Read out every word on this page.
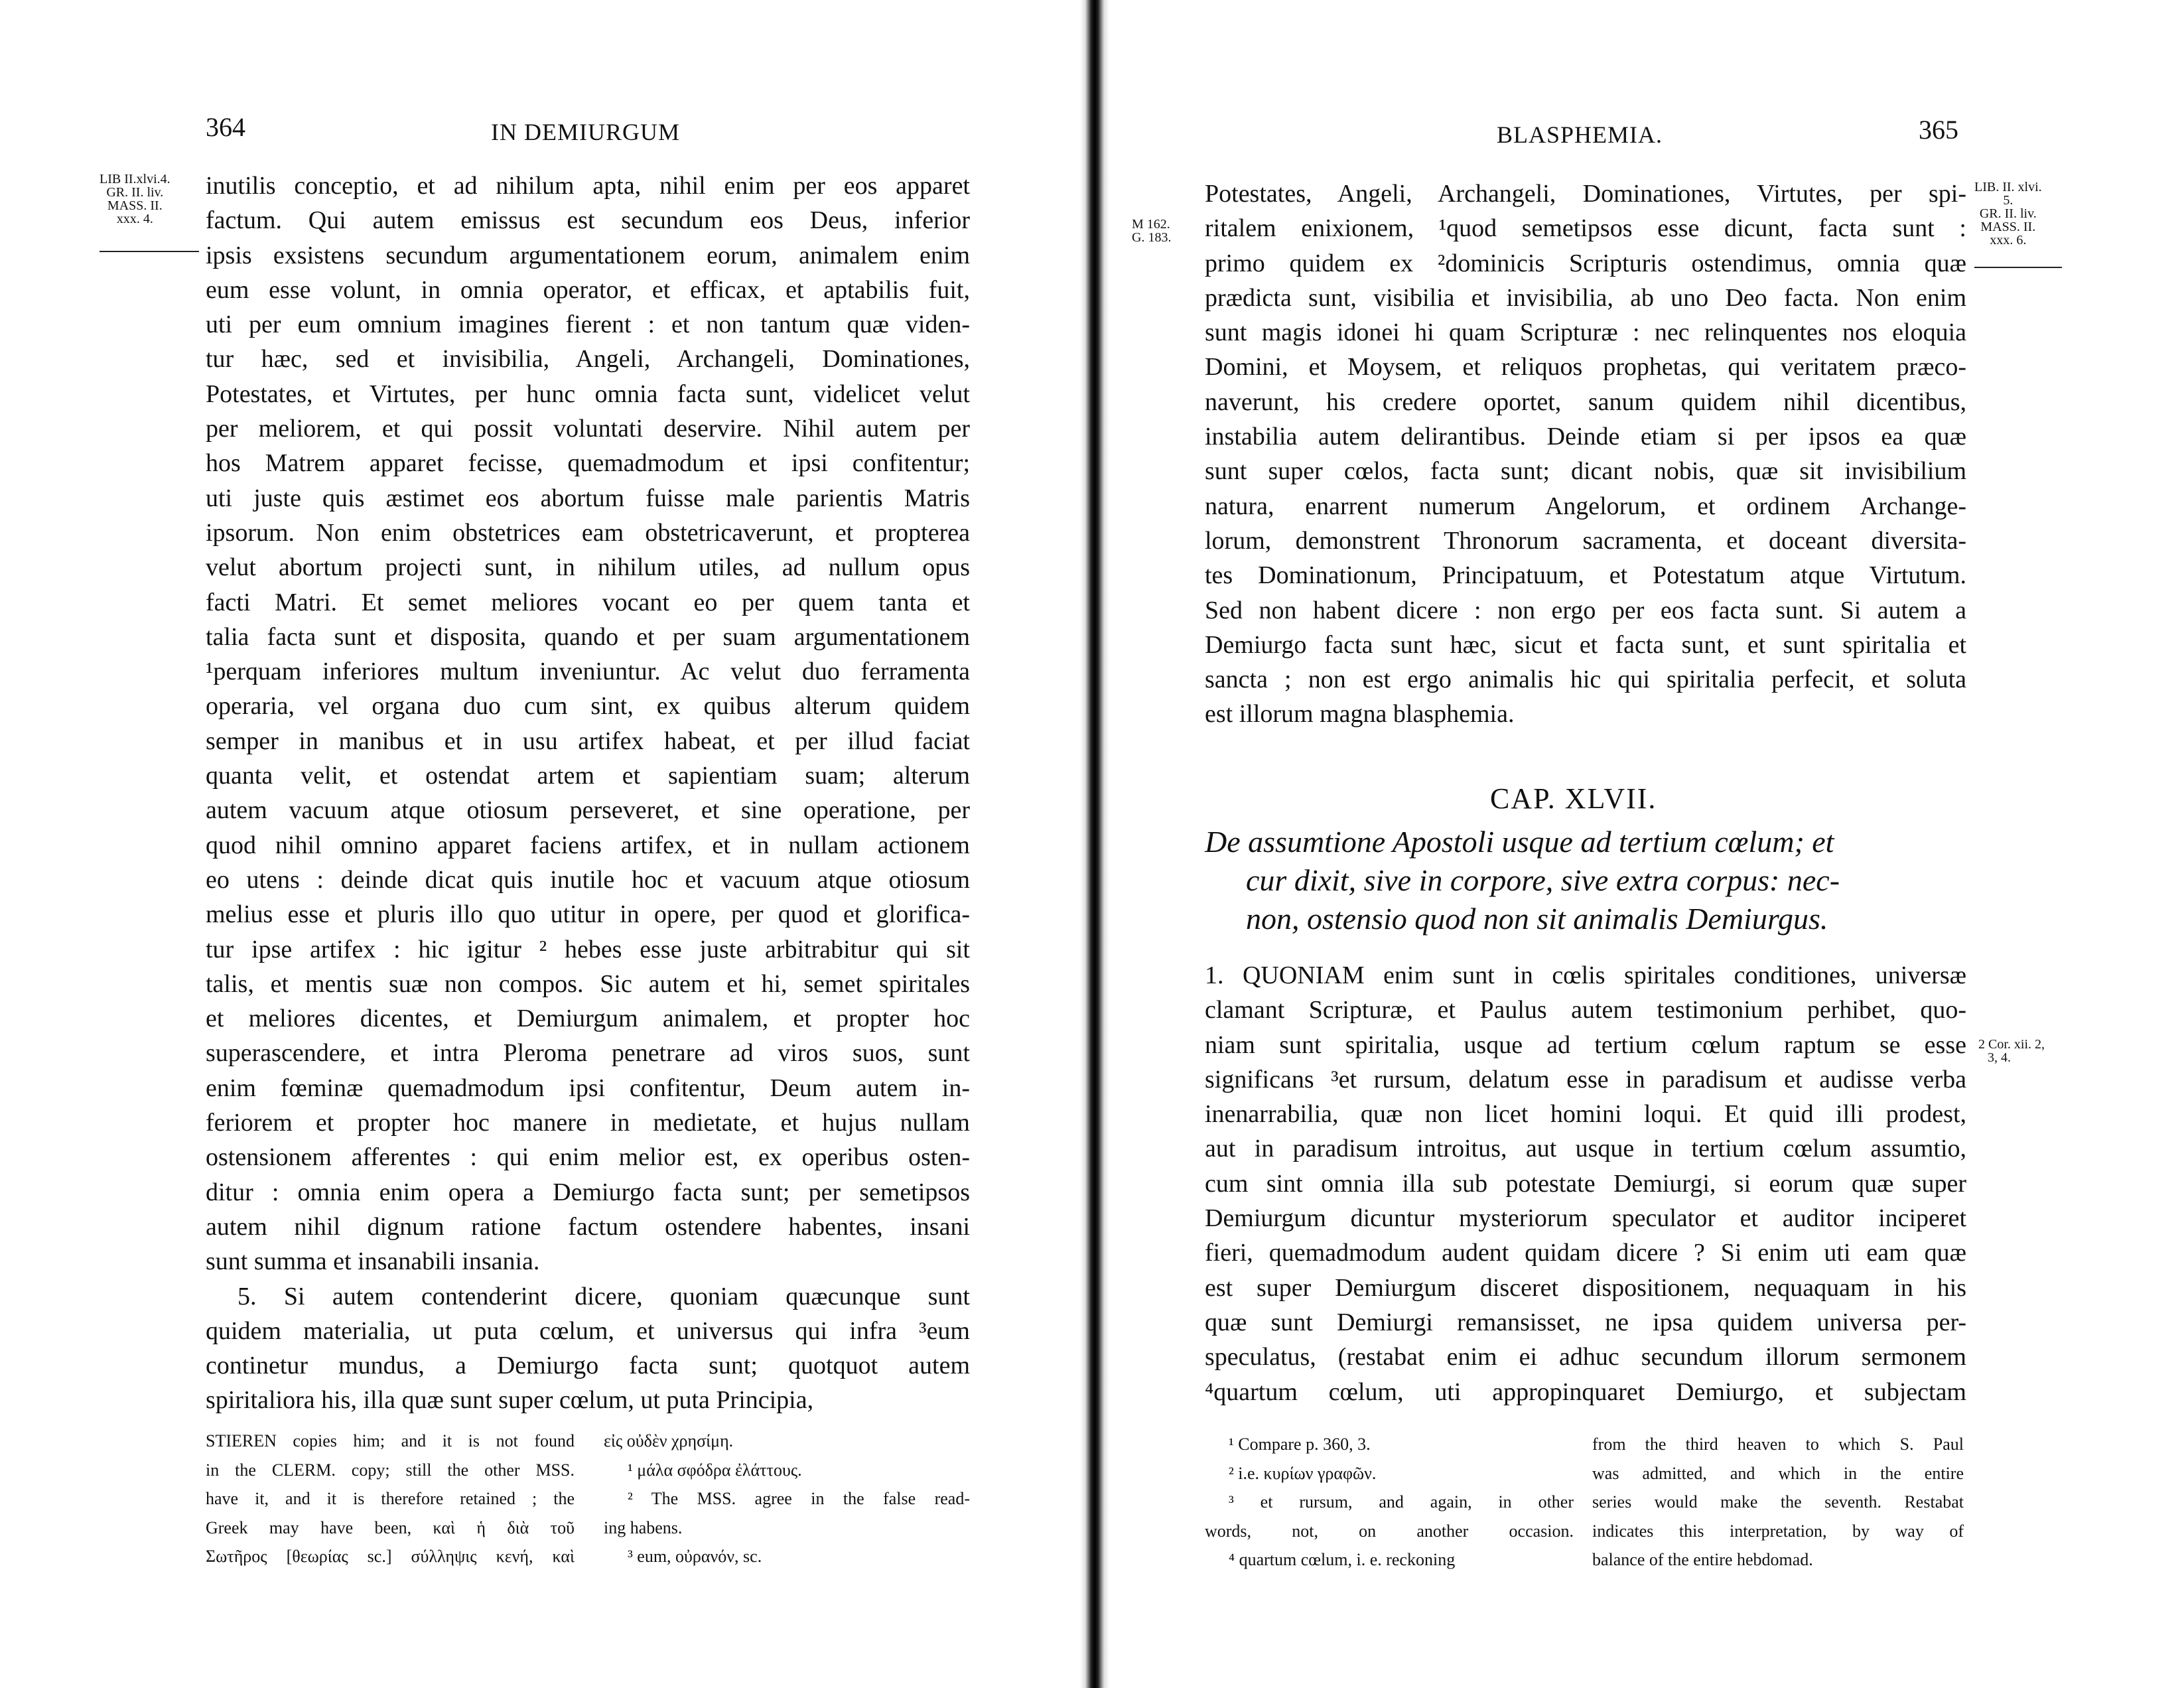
364	IN DEMIURGUM
LIB II.xlvi.4.
GR. II. liv.
MASS. II.
xxx. 4.
inutilis conceptio, et ad nihilum apta, nihil enim per eos apparet
factum. Qui autem emissus est secundum eos Deus, inferior
ipsis exsistens secundum argumentationem eorum, animalem enim
eum esse volunt, in omnia operator, et efficax, et aptabilis fuit,
uti per eum omnium imagines fierent : et non tantum quæ viden-
tur hæc, sed et invisibilia, Angeli, Archangeli, Dominationes,
Potestates, et Virtutes, per hunc omnia facta sunt, videlicet velut
per meliorem, et qui possit voluntati deservire. Nihil autem per
hos Matrem apparet fecisse, quemadmodum et ipsi confitentur;
uti juste quis æstimet eos abortum fuisse male parientis Matris
ipsorum. Non enim obstetrices eam obstetricaverunt, et propterea
velut abortum projecti sunt, in nihilum utiles, ad nullum opus
facti Matri. Et semet meliores vocant eo per quem tanta et
talia facta sunt et disposita, quando et per suam argumentationem
¹perquam inferiores multum inveniuntur. Ac velut duo ferramenta
operaria, vel organa duo cum sint, ex quibus alterum quidem
semper in manibus et in usu artifex habeat, et per illud faciat
quanta velit, et ostendat artem et sapientiam suam; alterum
autem vacuum atque otiosum perseveret, et sine operatione, per
quod nihil omnino apparet faciens artifex, et in nullam actionem
eo utens : deinde dicat quis inutile hoc et vacuum atque otiosum
melius esse et pluris illo quo utitur in opere, per quod et glorifica-
tur ipse artifex : hic igitur ² hebes esse juste arbitrabitur qui sit
talis, et mentis suæ non compos. Sic autem et hi, semet spiritales
et meliores dicentes, et Demiurgum animalem, et propter hoc
superascendere, et intra Pleroma penetrare ad viros suos, sunt
enim fœminæ quemadmodum ipsi confitentur, Deum autem in-
feriorem et propter hoc manere in medietate, et hujus nullam
ostensionem afferentes : qui enim melior est, ex operibus osten-
ditur : omnia enim opera a Demiurgo facta sunt; per semetipsos
autem nihil dignum ratione factum ostendere habentes, insani
sunt summa et insanabili insania.
5. Si autem contenderint dicere, quoniam quæcunque sunt
quidem materialia, ut puta cœlum, et universus qui infra ³eum
continetur mundus, a Demiurgo facta sunt; quotquot autem
spiritaliora his, illa quæ sunt super cœlum, ut puta Principia,
STIEREN copies him; and it is not found
in the CLERM. copy; still the other MSS.
have it, and it is therefore retained ; the
Greek may have been, καὶ ἡ διὰ τοῦ
Σωτῆρος [θεωρίας sc.] σύλληψις κενή, καὶ
εἰς οὐδὲν χρησίμη.
¹ μάλα σφόδρα ἐλάττους.
² The MSS. agree in the false read-
ing habens.
³ eum, οὐρανόν, sc.
BLASPHEMIA.	365
M 162.
G. 183.
LIB. II. xlvi.
5.
GR. II. liv.
MASS. II.
xxx. 6.
Potestates, Angeli, Archangeli, Dominationes, Virtutes, per spi-
ritalem enixionem, ¹quod semetipsos esse dicunt, facta sunt :
primo quidem ex ²dominicis Scripturis ostendimus, omnia quæ
prædicta sunt, visibilia et invisibilia, ab uno Deo facta. Non enim
sunt magis idonei hi quam Scripturæ : nec relinquentes nos eloquia
Domini, et Moysem, et reliquos prophetas, qui veritatem præco-
naverunt, his credere oportet, sanum quidem nihil dicentibus,
instabilia autem delirantibus. Deinde etiam si per ipsos ea quæ
sunt super cœlos, facta sunt; dicant nobis, quæ sit invisibilium
natura, enarrent numerum Angelorum, et ordinem Archange-
lorum, demonstrent Thronorum sacramenta, et doceant diversita-
tes Dominationum, Principatuum, et Potestatum atque Virtutum.
Sed non habent dicere : non ergo per eos facta sunt. Si autem a
Demiurgo facta sunt hæc, sicut et facta sunt, et sunt spiritalia et
sancta ; non est ergo animalis hic qui spiritalia perfecit, et soluta
est illorum magna blasphemia.
CAP. XLVII.
De assumtione Apostoli usque ad tertium cœlum; et
cur dixit, sive in corpore, sive extra corpus: nec-
non, ostensio quod non sit animalis Demiurgus.
2 Cor. xii. 2,
3, 4.
1. QUONIAM enim sunt in cœlis spiritales conditiones, universæ
clamant Scripturæ, et Paulus autem testimonium perhibet, quo-
niam sunt spiritalia, usque ad tertium cœlum raptum se esse
significans ³et rursum, delatum esse in paradisum et audisse verba
inenarrabilia, quæ non licet homini loqui. Et quid illi prodest,
aut in paradisum introitus, aut usque in tertium cœlum assumtio,
cum sint omnia illa sub potestate Demiurgi, si eorum quæ super
Demiurgum dicuntur mysteriorum speculator et auditor inciperet
fieri, quemadmodum audent quidam dicere ? Si enim uti eam quæ
est super Demiurgum disceret dispositionem, nequaquam in his
quæ sunt Demiurgi remansisset, ne ipsa quidem universa per-
speculatus, (restabat enim ei adhuc secundum illorum sermonem
⁴quartum cœlum, uti appropinquaret Demiurgo, et subjectam
¹ Compare p. 360, 3.
² i.e. κυρίων γραφῶν.
³ et rursum, and again, in other
words, not, on another occasion.
⁴ quartum cœlum, i. e. reckoning
from the third heaven to which S. Paul
was admitted, and which in the entire
series would make the seventh. Restabat
indicates this interpretation, by way of
balance of the entire hebdomad.
